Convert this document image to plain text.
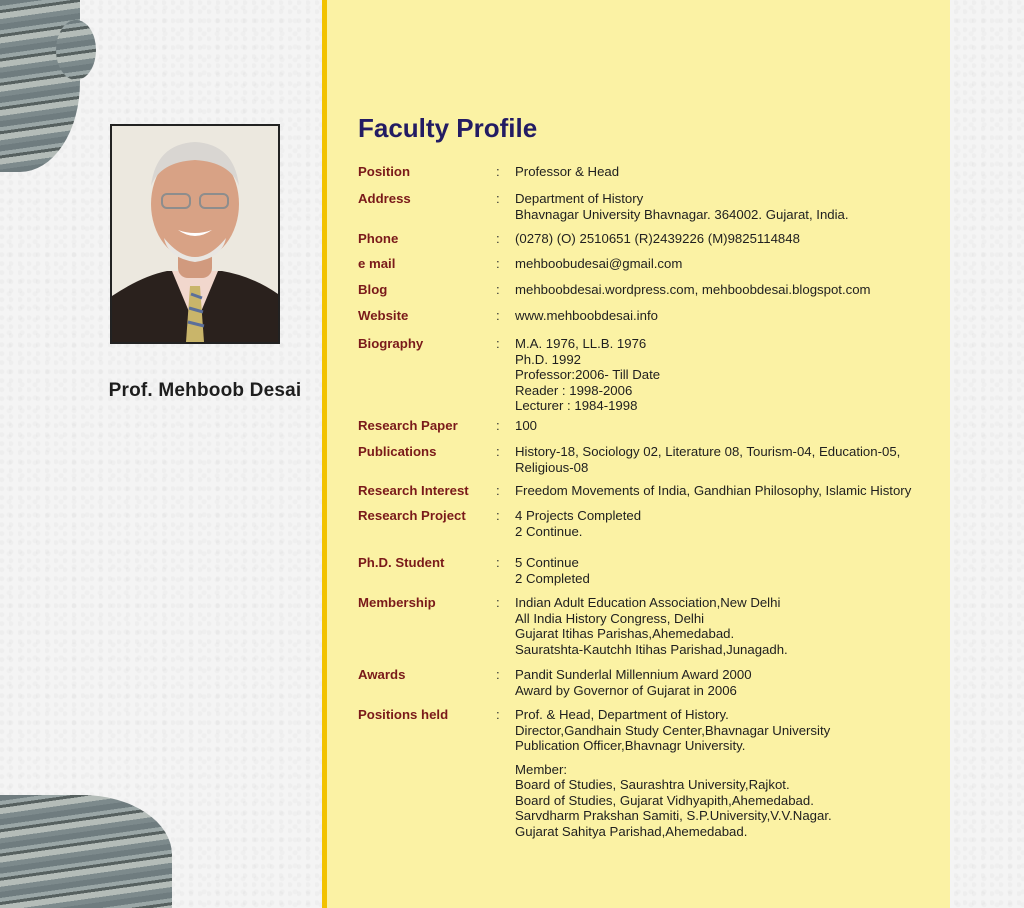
Prof. Mehboob Desai
Faculty Profile
Position	: Professor & Head
Address	: Department of History
Bhavnagar University Bhavnagar. 364002. Gujarat, India.
Phone	: (0278) (O) 2510651 (R)2439226 (M)9825114848
e mail	: mehboobudesai@gmail.com
Blog	: mehboobdesai.wordpress.com, mehboobdesai.blogspot.com
Website	: www.mehboobdesai.info
Biography	: M.A. 1976, LL.B. 1976
Ph.D. 1992
Professor:2006- Till Date
Reader : 1998-2006
Lecturer : 1984-1998
Research Paper	: 100
Publications	: History-18, Sociology 02, Literature 08, Tourism-04, Education-05,
Religious-08
Research Interest : Freedom Movements of India, Gandhian Philosophy, Islamic History
Research Project : 4 Projects Completed
2 Continue.
Ph.D. Student	: 5 Continue
2 Completed
Membership	: Indian Adult Education Association,New Delhi
All India History Congress, Delhi
Gujarat Itihas Parishas,Ahemedabad.
Sauratshta-Kautchh Itihas Parishad,Junagadh.
Awards	: Pandit Sunderlal Millennium Award 2000
Award by Governor of Gujarat in 2006
Positions held	: Prof. & Head, Department of History.
Director,Gandhain Study Center,Bhavnagar University
Publication Officer,Bhavnagr University.
Member:
Board of Studies, Saurashtra University,Rajkot.
Board of Studies, Gujarat Vidhyapith,Ahemedabad.
Sarvdharm Prakshan Samiti, S.P.University,V.V.Nagar.
Gujarat Sahitya Parishad,Ahemedabad.
